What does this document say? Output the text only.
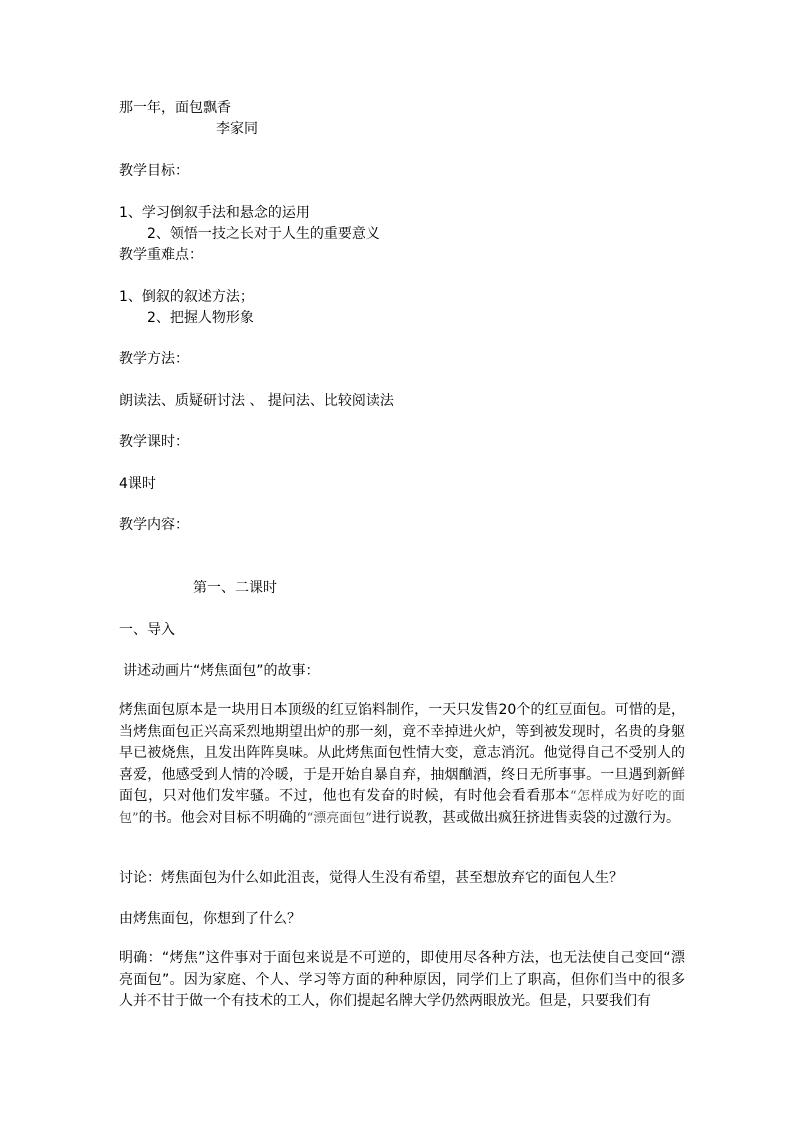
那一年，面包飘香
李家同
教学目标：
1、学习倒叙手法和悬念的运用
2、领悟一技之长对于人生的重要意义
教学重难点：
1、倒叙的叙述方法；
2、把握人物形象
教学方法：
朗读法、质疑研讨法 、 提问法、比较阅读法
教学课时：
4课时
教学内容：
第一、二课时
一、导入
讲述动画片“烤焦面包”的故事：
烤焦面包原本是一块用日本顶级的红豆馅料制作，一天只发售20个的红豆面包。可惜的是，当烤焦面包正兴高采烈地期望出炉的那一刻，竟不幸掉进火炉，等到被发现时，名贵的身躯早已被烧焦，且发出阵阵臭味。从此烤焦面包性情大变，意志消沉。他觉得自己不受别人的喜爱，他感受到人情的冷暖，于是开始自暴自弃，抽烟酗酒，终日无所事事。一旦遇到新鲜面包，只对他们发牢骚。不过，他也有发奋的时候，有时他会看看那本“怎样成为好吃的面包”的书。他会对目标不明确的“漂亮面包”进行说教，甚或做出疯狂挤进售卖袋的过激行为。
讨论：烤焦面包为什么如此沮丧，觉得人生没有希望，甚至想放弃它的面包人生？
由烤焦面包，你想到了什么？
明确：“烤焦”这件事对于面包来说是不可逆的，即使用尽各种方法，也无法使自己变回“漂亮面包”。因为家庭、个人、学习等方面的种种原因，同学们上了职高，但你们当中的很多人并不甘于做一个有技术的工人，你们提起名牌大学仍然两眼放光。但是，只要我们有
